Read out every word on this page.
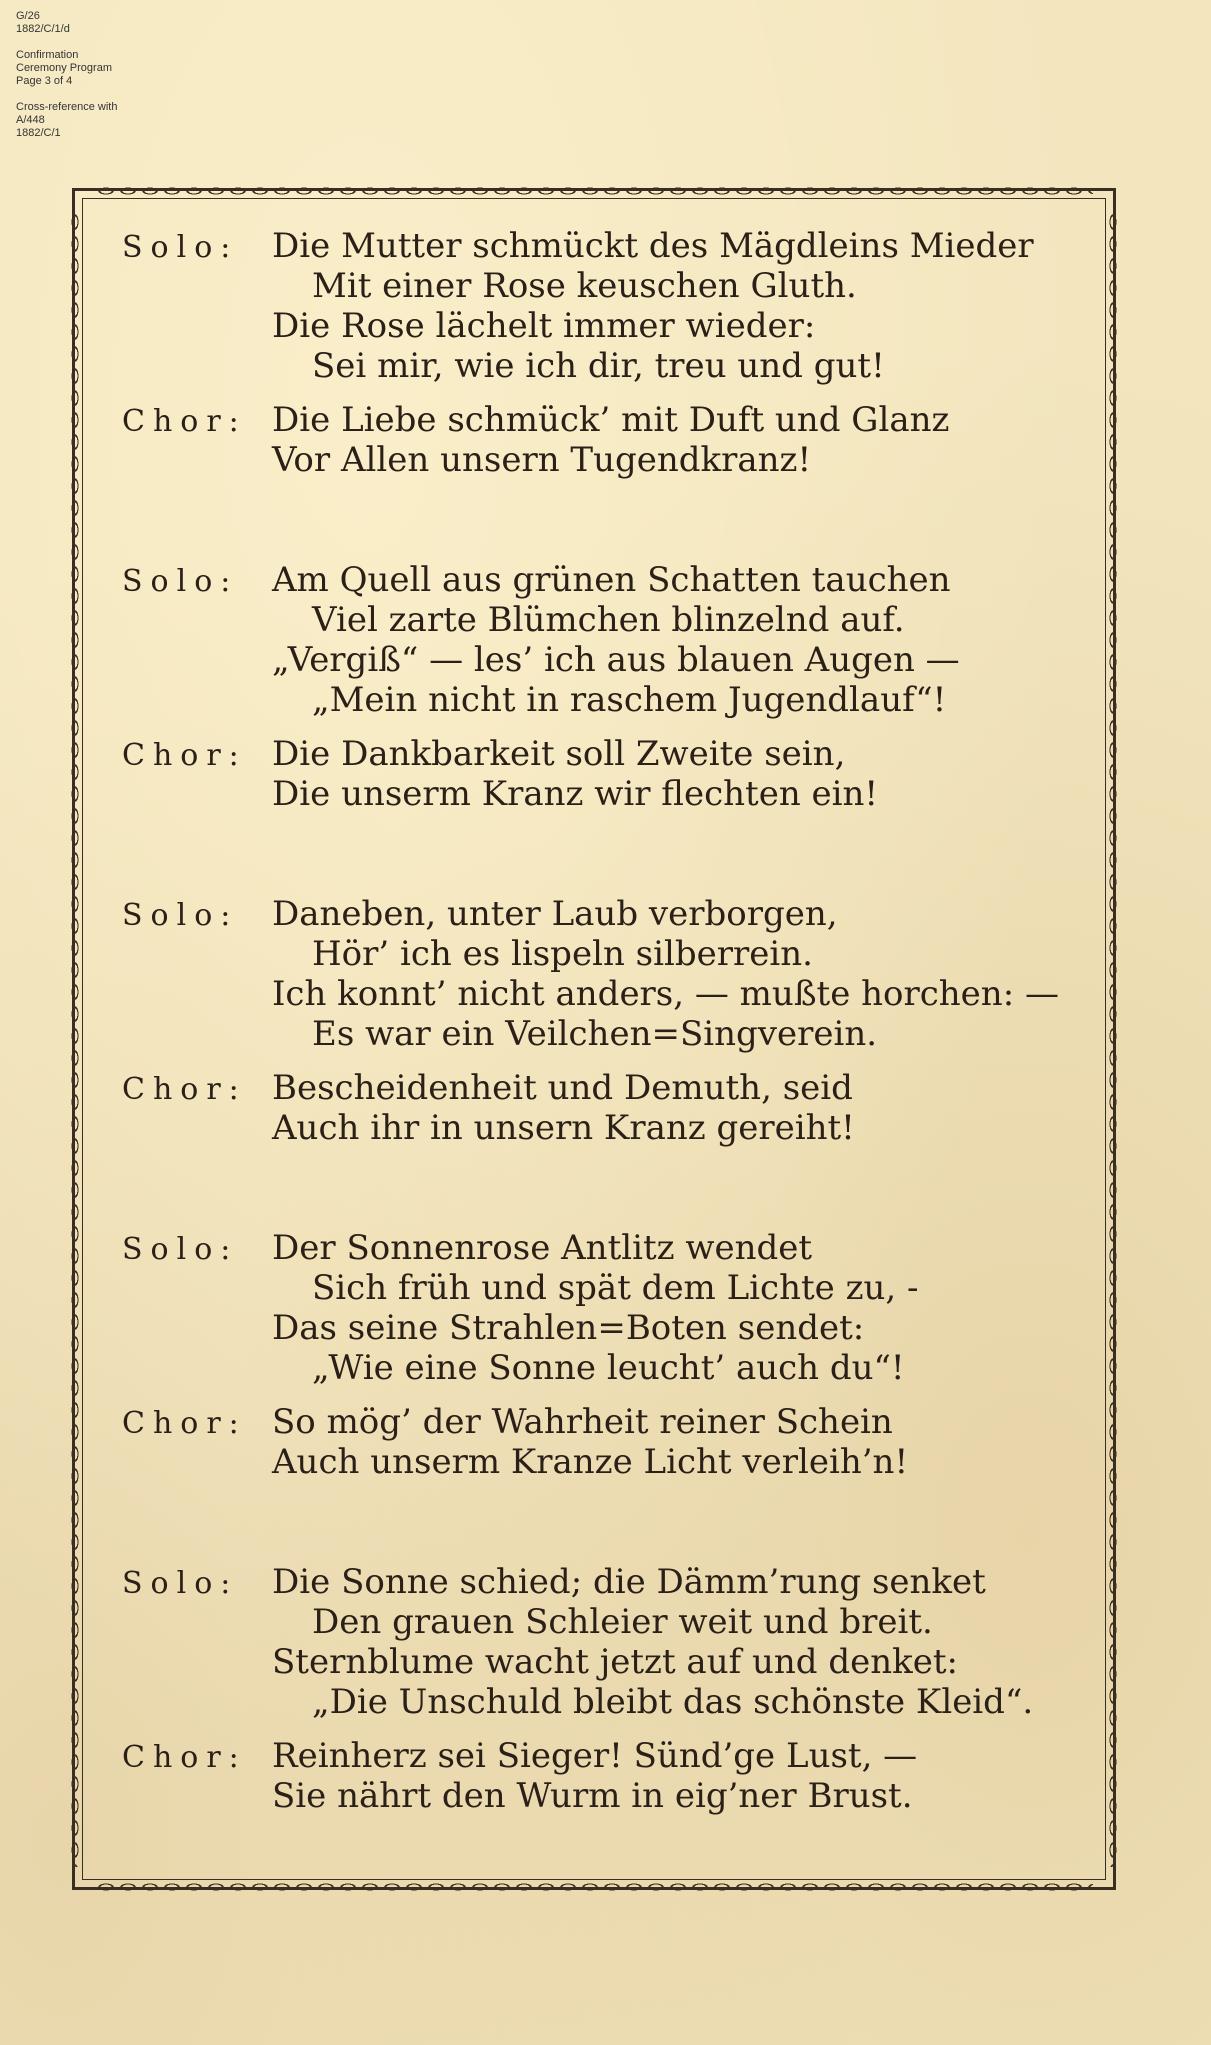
G/26
1882/C/1/d
Confirmation
Ceremony Program
Page 3 of 4
Cross-reference with
A/448
1882/C/1
Solo: Die Mutter schmückt des Mägdleins Mieder
Mit einer Rose keuschen Gluth.
Die Rose lächelt immer wieder:
Sei mir, wie ich dir, treu und gut!
Chor: Die Liebe schmück’ mit Duft und Glanz
Vor Allen unsern Tugendkranz!
Solo: Am Quell aus grünen Schatten tauchen
Viel zarte Blümchen blinzelnd auf.
„Vergiß“ — les’ ich aus blauen Augen —
„Mein nicht in raschem Jugendlauf“!
Chor: Die Dankbarkeit soll Zweite sein,
Die unserm Kranz wir flechten ein!
Solo: Daneben, unter Laub verborgen,
Hör’ ich es lispeln silberrein.
Ich konnt’ nicht anders, — mußte horchen: —
Es war ein Veilchen=Singverein.
Chor: Bescheidenheit und Demuth, seid
Auch ihr in unsern Kranz gereiht!
Solo: Der Sonnenrose Antlitz wendet
Sich früh und spät dem Lichte zu, -
Das seine Strahlen=Boten sendet:
„Wie eine Sonne leucht’ auch du“!
Chor: So mög’ der Wahrheit reiner Schein
Auch unserm Kranze Licht verleih’n!
Solo: Die Sonne schied; die Dämm’rung senket
Den grauen Schleier weit und breit.
Sternblume wacht jetzt auf und denket:
„Die Unschuld bleibt das schönste Kleid“.
Chor: Reinherz sei Sieger! Sünd’ge Lust, —
Sie nährt den Wurm in eig’ner Brust.
